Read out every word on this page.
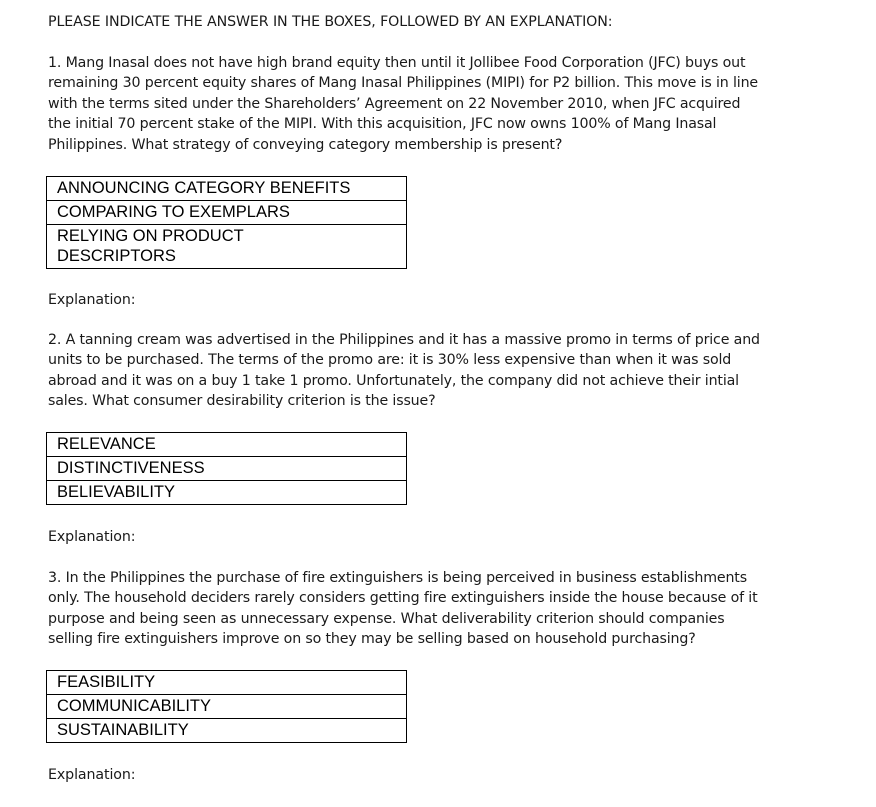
PLEASE INDICATE THE ANSWER IN THE BOXES, FOLLOWED BY AN EXPLANATION:

1. Mang Inasal does not have high brand equity then until it Jollibee Food Corporation (JFC) buys out remaining 30 percent equity shares of Mang Inasal Philippines (MIPI) for P2 billion. This move is in line with the terms sited under the Shareholders’ Agreement on 22 November 2010, when JFC acquired the initial 70 percent stake of the MIPI. With this acquisition, JFC now owns 100% of Mang Inasal Philippines. What strategy of conveying category membership is present?

ANNOUNCING CATEGORY BENEFITS
COMPARING TO EXEMPLARS
RELYING ON PRODUCT
DESCRIPTORS
Explanation:

2. A tanning cream was advertised in the Philippines and it has a massive promo in terms of price and units to be purchased. The terms of the promo are: it is 30% less expensive than when it was sold abroad and it was on a buy 1 take 1 promo. Unfortunately, the company did not achieve their intial sales. What consumer desirability criterion is the issue?

RELEVANCE
DISTINCTIVENESS
BELIEVABILITY
Explanation:

3. In the Philippines the purchase of fire extinguishers is being perceived in business establishments only. The household deciders rarely considers getting fire extinguishers inside the house because of it purpose and being seen as unnecessary expense. What deliverability criterion should companies selling fire extinguishers improve on so they may be selling based on household purchasing?

FEASIBILITY
COMMUNICABILITY
SUSTAINABILITY
Explanation:
